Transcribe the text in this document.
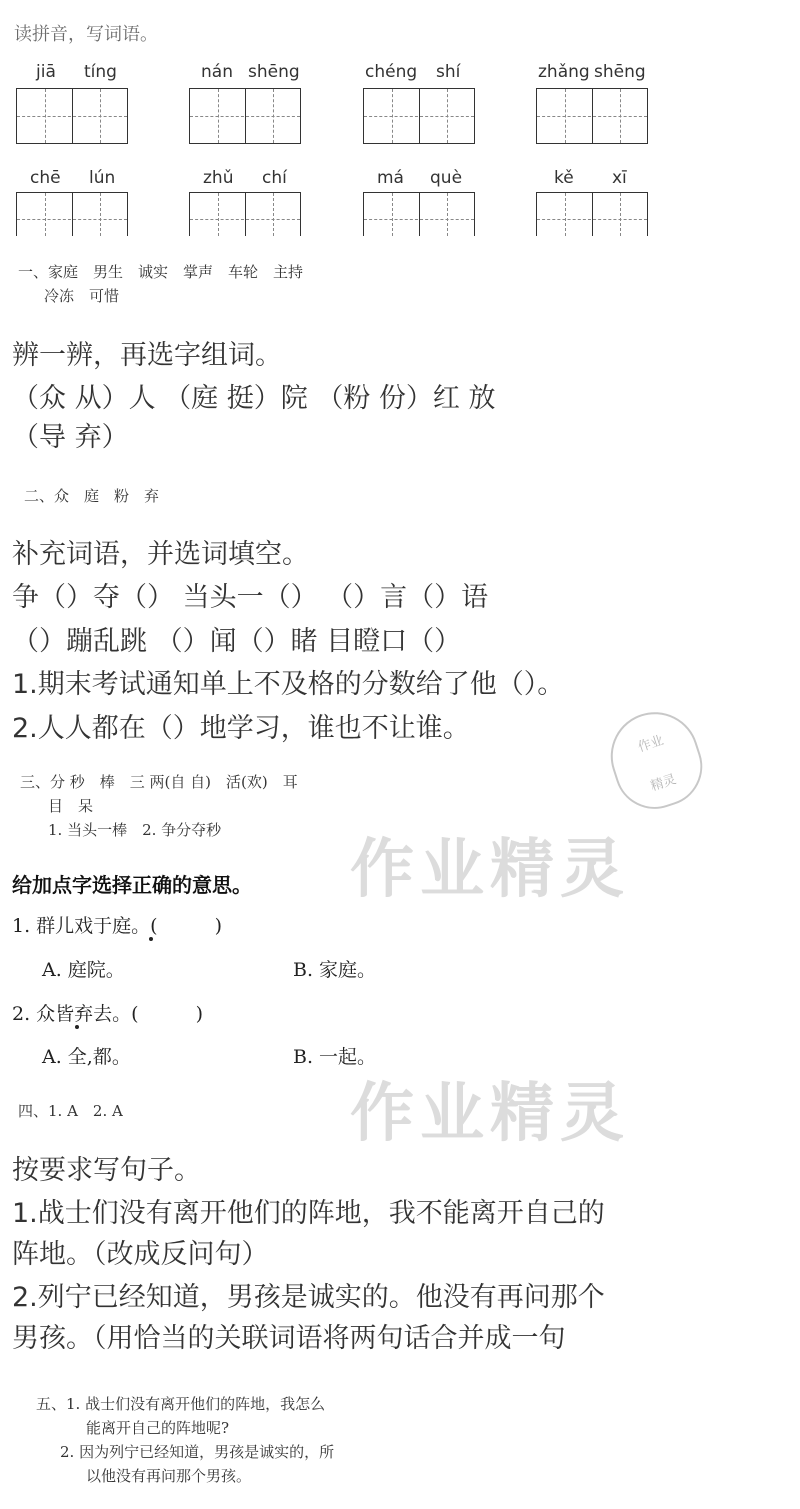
读拼音，写词语。
jiā tíng	nán shēng	chéng shí	zhǎng shēng
chē lún	zhǔ chí	má què	kě xī
一、家庭　男生　诚实　掌声　车轮　主持
冷冻　可惜
辨一辨，再选字组词。
（众 从）人 （庭 挺）院 （粉 份）红 放
（导 弃）
二、众　庭　粉　弃
补充词语，并选词填空。
争（）夺（） 当头一（） （）言（）语
（）蹦乱跳 （）闻（）睹 目瞪口（）
1.期末考试通知单上不及格的分数给了他（）。
2.人人都在（）地学习，谁也不让谁。
作业
精灵
三、分 秒　棒　三 两(自 自)　活(欢)　耳
目　呆
1. 当头一棒　2. 争分夺秒
作业精灵
给加点字选择正确的意思。
1. 群儿戏于庭。(　　　)
A. 庭院。	B. 家庭。
2. 众皆弃去。(　　　)
A. 全,都。	B. 一起。
作业精灵
四、1. A　2. A
按要求写句子。
1.战士们没有离开他们的阵地，我不能离开自己的
阵地。（改成反问句）
2.列宁已经知道，男孩是诚实的。他没有再问那个
男孩。（用恰当的关联词语将两句话合并成一句
五、1. 战士们没有离开他们的阵地，我怎么
能离开自己的阵地呢?
2. 因为列宁已经知道，男孩是诚实的，所
以他没有再问那个男孩。
